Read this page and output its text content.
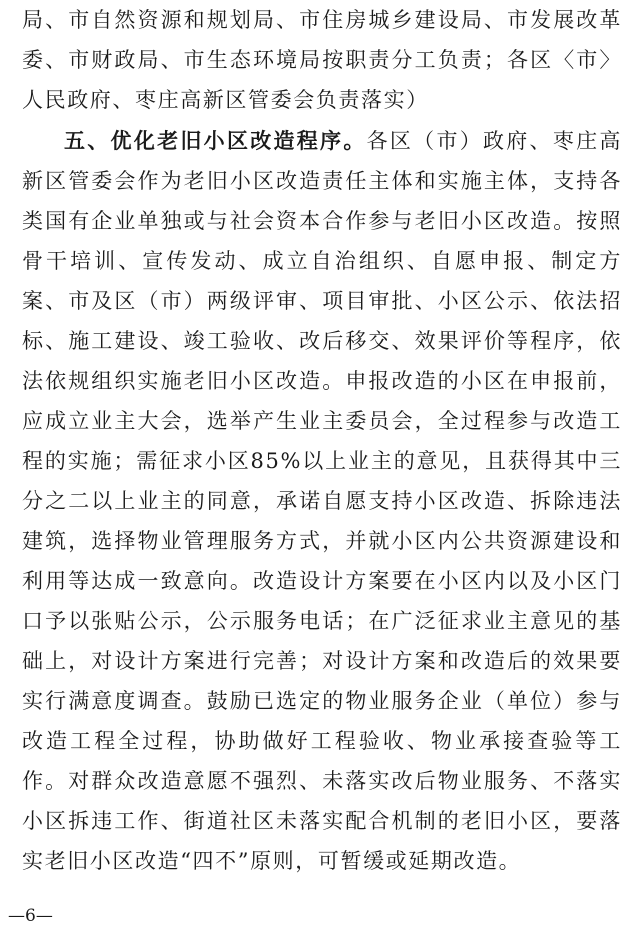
局、市自然资源和规划局、市住房城乡建设局、市发展改革委、市财政局、市生态环境局按职责分工负责；各区〈市〉人民政府、枣庄高新区管委会负责落实）

五、优化老旧小区改造程序。各区（市）政府、枣庄高新区管委会作为老旧小区改造责任主体和实施主体，支持各类国有企业单独或与社会资本合作参与老旧小区改造。按照骨干培训、宣传发动、成立自治组织、自愿申报、制定方案、市及区（市）两级评审、项目审批、小区公示、依法招标、施工建设、竣工验收、改后移交、效果评价等程序，依法依规组织实施老旧小区改造。申报改造的小区在申报前，应成立业主大会，选举产生业主委员会，全过程参与改造工程的实施；需征求小区85%以上业主的意见，且获得其中三分之二以上业主的同意，承诺自愿支持小区改造、拆除违法建筑，选择物业管理服务方式，并就小区内公共资源建设和利用等达成一致意向。改造设计方案要在小区内以及小区门口予以张贴公示，公示服务电话；在广泛征求业主意见的基础上，对设计方案进行完善；对设计方案和改造后的效果要实行满意度调查。鼓励已选定的物业服务企业（单位）参与改造工程全过程，协助做好工程验收、物业承接查验等工作。对群众改造意愿不强烈、未落实改后物业服务、不落实小区拆违工作、街道社区未落实配合机制的老旧小区，要落实老旧小区改造“四不”原则，可暂缓或延期改造。

—6—
